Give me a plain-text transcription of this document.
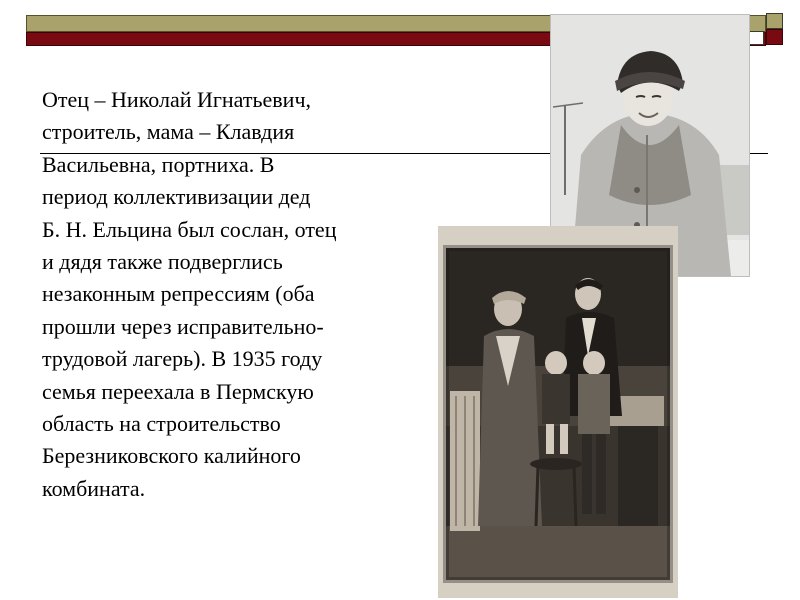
Отец – Николай Игнатьевич,
строитель, мама – Клавдия
Васильевна, портниха. В
период коллективизации дед
Б. Н. Ельцина был сослан, отец
и дядя также подверглись
незаконным репрессиям (оба
прошли через исправительно-
трудовой лагерь). В 1935 году
семья переехала в Пермскую
область на строительство
Березниковского калийного
комбината.
